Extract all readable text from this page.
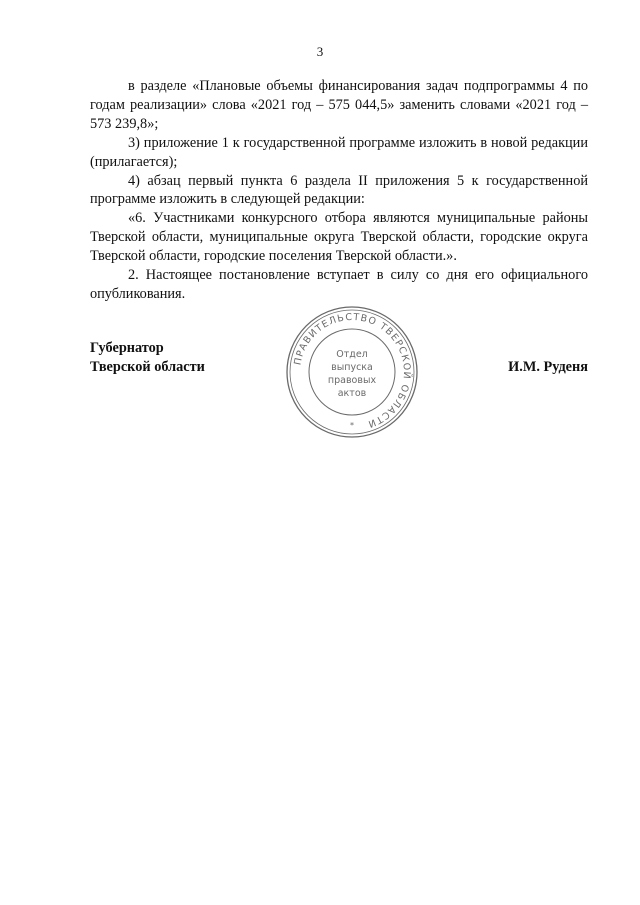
3

в разделе «Плановые объемы финансирования задач подпрограммы 4 по годам реализации» слова «2021 год – 575 044,5» заменить словами «2021 год – 573 239,8»;

3) приложение 1 к государственной программе изложить в новой редакции (прилагается);

4) абзац первый пункта 6 раздела II приложения 5 к государственной программе изложить в следующей редакции:

«6. Участниками конкурсного отбора являются муниципальные районы Тверской области, муниципальные округа Тверской области, городские округа Тверской области, городские поселения Тверской области.».

2. Настоящее постановление вступает в силу со дня его официального опубликования.

Губернатор
Тверской области	ПРАВИТЕЛЬСТВО ТВЕРСКОЙ ОБЛАСТИ
*
Отдел
выпуска
правовых
актов
И.М. Руденя
